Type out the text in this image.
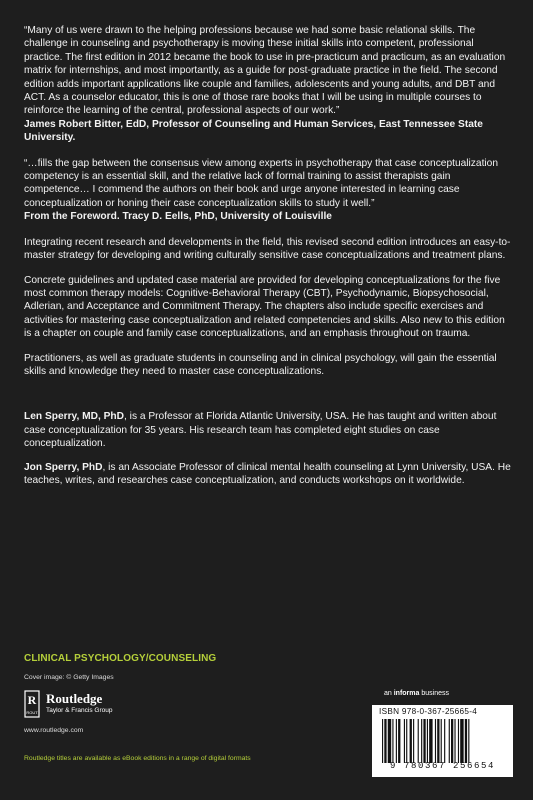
“Many of us were drawn to the helping professions because we had some basic relational skills. The challenge in counseling and psychotherapy is moving these initial skills into competent, professional practice. The first edition in 2012 became the book to use in pre-practicum and practicum, as an evaluation matrix for internships, and most importantly, as a guide for post-graduate practice in the field. The second edition adds important applications like couple and families, adolescents and young adults, and DBT and ACT. As a counselor educator, this is one of those rare books that I will be using in multiple courses to reinforce the learning of the central, professional aspects of our work.”
James Robert Bitter, EdD, Professor of Counseling and Human Services, East Tennessee State University.

“…fills the gap between the consensus view among experts in psychotherapy that case conceptualization competency is an essential skill, and the relative lack of formal training to assist therapists gain competence… I commend the authors on their book and urge anyone interested in learning case conceptualization or honing their case conceptualization skills to study it well.”
From the Foreword. Tracy D. Eells, PhD, University of Louisville

Integrating recent research and developments in the field, this revised second edition introduces an easy-to-master strategy for developing and writing culturally sensitive case conceptualizations and treatment plans.

Concrete guidelines and updated case material are provided for developing conceptualizations for the five most common therapy models: Cognitive-Behavioral Therapy (CBT), Psychodynamic, Biopsychosocial, Adlerian, and Acceptance and Commitment Therapy. The chapters also include specific exercises and activities for mastering case conceptualization and related competencies and skills. Also new to this edition is a chapter on couple and family case conceptualizations, and an emphasis throughout on trauma.

Practitioners, as well as graduate students in counseling and in clinical psychology, will gain the essential skills and knowledge they need to master case conceptualizations.

Len Sperry, MD, PhD, is a Professor at Florida Atlantic University, USA. He has taught and written about case conceptualization for 35 years. His research team has completed eight studies on case conceptualization.

Jon Sperry, PhD, is an Associate Professor of clinical mental health counseling at Lynn University, USA. He teaches, writes, and researches case conceptualization, and conducts workshops on it worldwide.

CLINICAL PSYCHOLOGY/COUNSELING
Cover image: © Getty Images
R
ROUT
Routledge
Taylor & Francis Group
www.routledge.com
Routledge titles are available as eBook editions in a range of digital formats
an informa business
ISBN 978-0-367-25665-4
9 780367 256654
